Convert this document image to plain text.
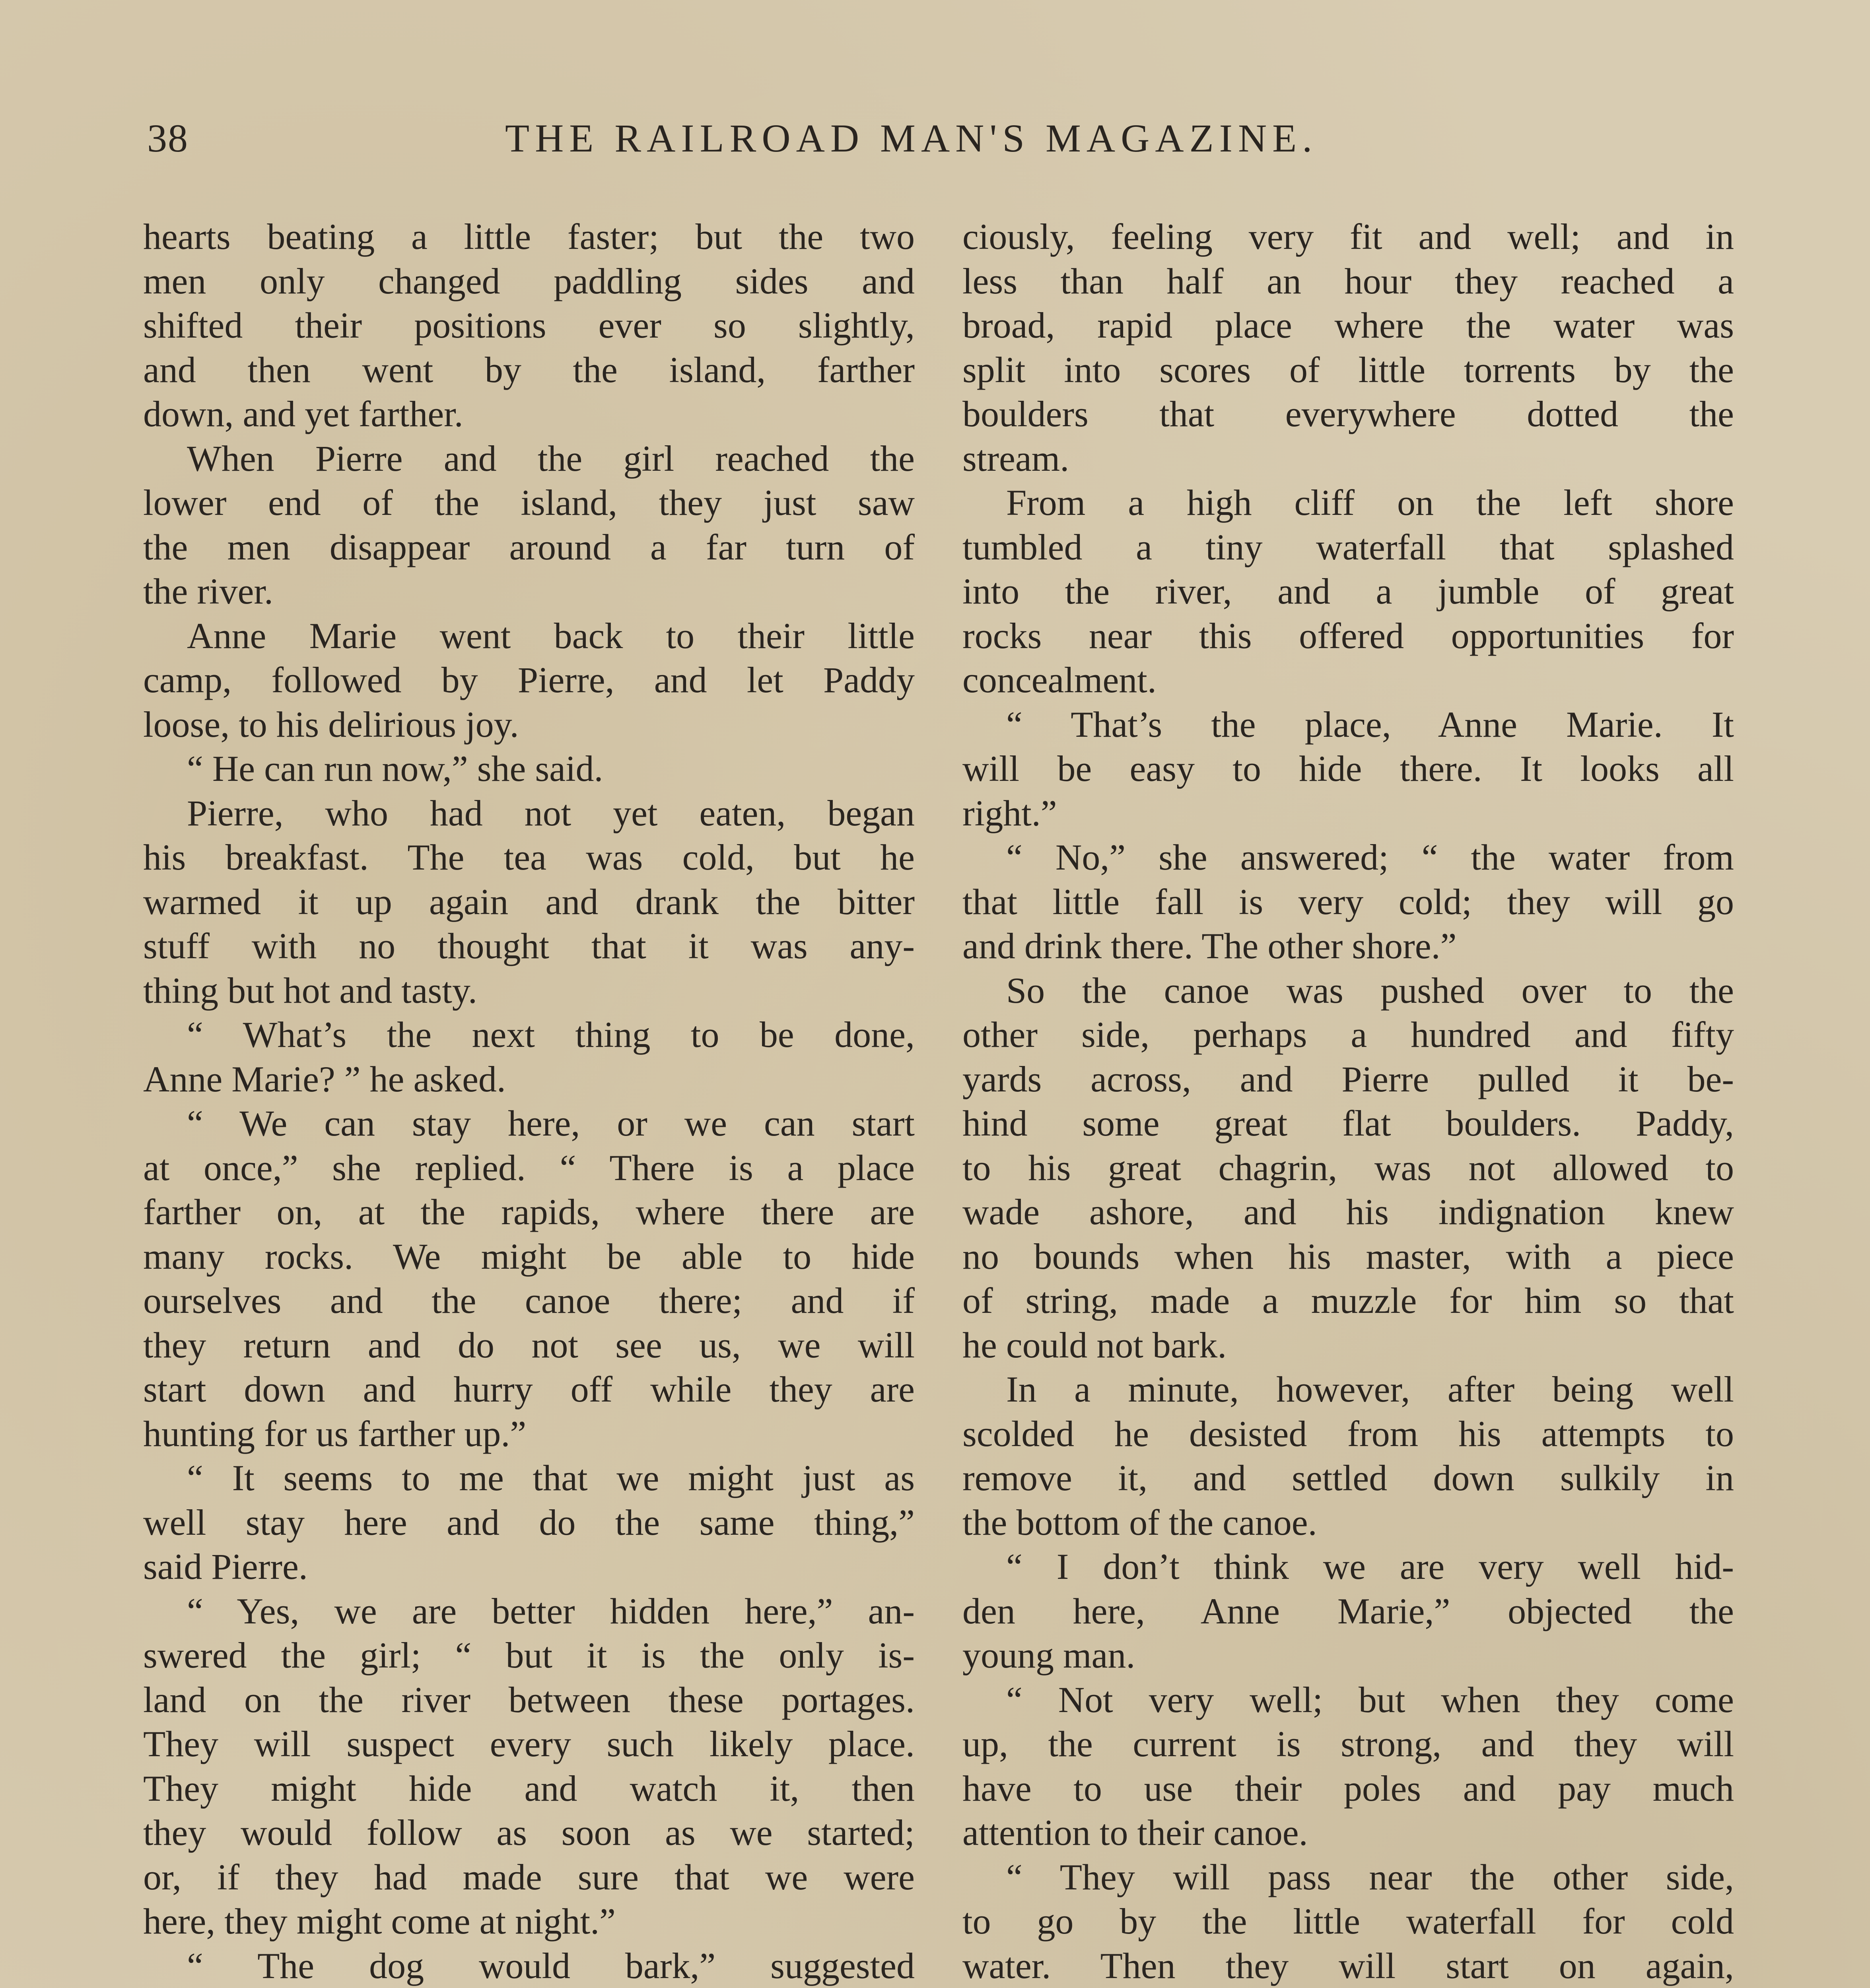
38	THE RAILROAD MAN'S MAGAZINE.
hearts beating a little faster; but the two
men only changed paddling sides and
shifted their positions ever so slightly,
and then went by the island, farther
down, and yet farther.
When Pierre and the girl reached the
lower end of the island, they just saw
the men disappear around a far turn of
the river.
Anne Marie went back to their little
camp, followed by Pierre, and let Paddy
loose, to his delirious joy.
“ He can run now,” she said.
Pierre, who had not yet eaten, began
his breakfast. The tea was cold, but he
warmed it up again and drank the bitter
stuff with no thought that it was any-
thing but hot and tasty.
“ What’s the next thing to be done,
Anne Marie? ” he asked.
“ We can stay here, or we can start
at once,” she replied. “ There is a place
farther on, at the rapids, where there are
many rocks. We might be able to hide
ourselves and the canoe there; and if
they return and do not see us, we will
start down and hurry off while they are
hunting for us farther up.”
“ It seems to me that we might just as
well stay here and do the same thing,”
said Pierre.
“ Yes, we are better hidden here,” an-
swered the girl; “ but it is the only is-
land on the river between these portages.
They will suspect every such likely place.
They might hide and watch it, then
they would follow as soon as we started;
or, if they had made sure that we were
here, they might come at night.”
“ The dog would bark,” suggested
ciously, feeling very fit and well; and in
less than half an hour they reached a
broad, rapid place where the water was
split into scores of little torrents by the
boulders that everywhere dotted the
stream.
From a high cliff on the left shore
tumbled a tiny waterfall that splashed
into the river, and a jumble of great
rocks near this offered opportunities for
concealment.
“ That’s the place, Anne Marie. It
will be easy to hide there. It looks all
right.”
“ No,” she answered; “ the water from
that little fall is very cold; they will go
and drink there. The other shore.”
So the canoe was pushed over to the
other side, perhaps a hundred and fifty
yards across, and Pierre pulled it be-
hind some great flat boulders. Paddy,
to his great chagrin, was not allowed to
wade ashore, and his indignation knew
no bounds when his master, with a piece
of string, made a muzzle for him so that
he could not bark.
In a minute, however, after being well
scolded he desisted from his attempts to
remove it, and settled down sulkily in
the bottom of the canoe.
“ I don’t think we are very well hid-
den here, Anne Marie,” objected the
young man.
“ Not very well; but when they come
up, the current is strong, and they will
have to use their poles and pay much
attention to their canoe.
“ They will pass near the other side,
to go by the little waterfall for cold
water. Then they will start on again,
